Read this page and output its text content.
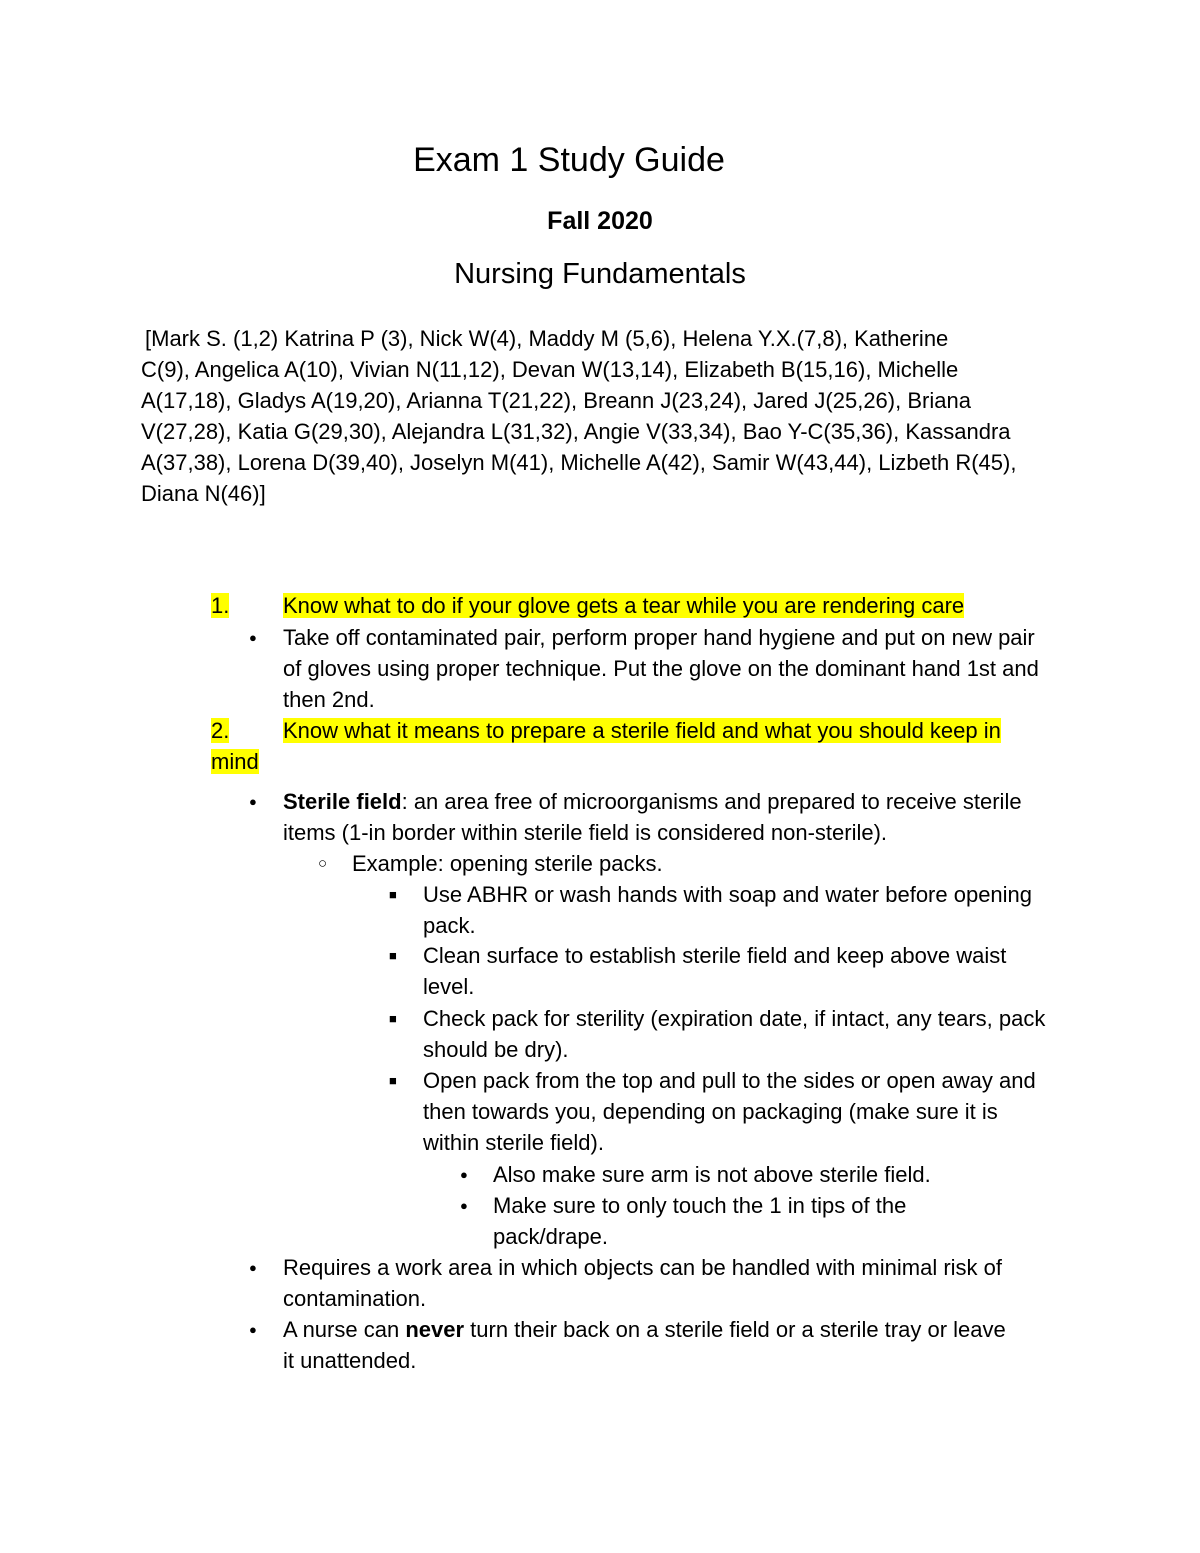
Exam 1 Study Guide
Fall 2020
Nursing Fundamentals
[Mark S. (1,2) Katrina P (3), Nick W(4), Maddy M (5,6), Helena Y.X.(7,8), Katherine
C(9), Angelica A(10), Vivian N(11,12), Devan W(13,14), Elizabeth B(15,16), Michelle A(17,18), Gladys A(19,20), Arianna T(21,22), Breann J(23,24), Jared J(25,26), Briana V(27,28), Katia G(29,30), Alejandra L(31,32), Angie V(33,34), Bao Y-C(35,36), Kassandra A(37,38), Lorena D(39,40), Joselyn M(41), Michelle A(42), Samir W(43,44), Lizbeth R(45), Diana N(46)]
1. Know what to do if your glove gets a tear while you are rendering care
● Take off contaminated pair, perform proper hand hygiene and put on new pair of gloves using proper technique. Put the glove on the dominant hand 1st and then 2nd.
2. Know what it means to prepare a sterile field and what you should keep in
mind
● Sterile field: an area free of microorganisms and prepared to receive sterile items (1-in border within sterile field is considered non-sterile).
○ Example: opening sterile packs.
■ Use ABHR or wash hands with soap and water before opening pack.
■ Clean surface to establish sterile field and keep above waist level.
■ Check pack for sterility (expiration date, if intact, any tears, pack should be dry).
■ Open pack from the top and pull to the sides or open away and then towards you, depending on packaging (make sure it is within sterile field).
● Also make sure arm is not above sterile field.
● Make sure to only touch the 1 in tips of the pack/drape.
● Requires a work area in which objects can be handled with minimal risk of contamination.
● A nurse can never turn their back on a sterile field or a sterile tray or leave it unattended.
